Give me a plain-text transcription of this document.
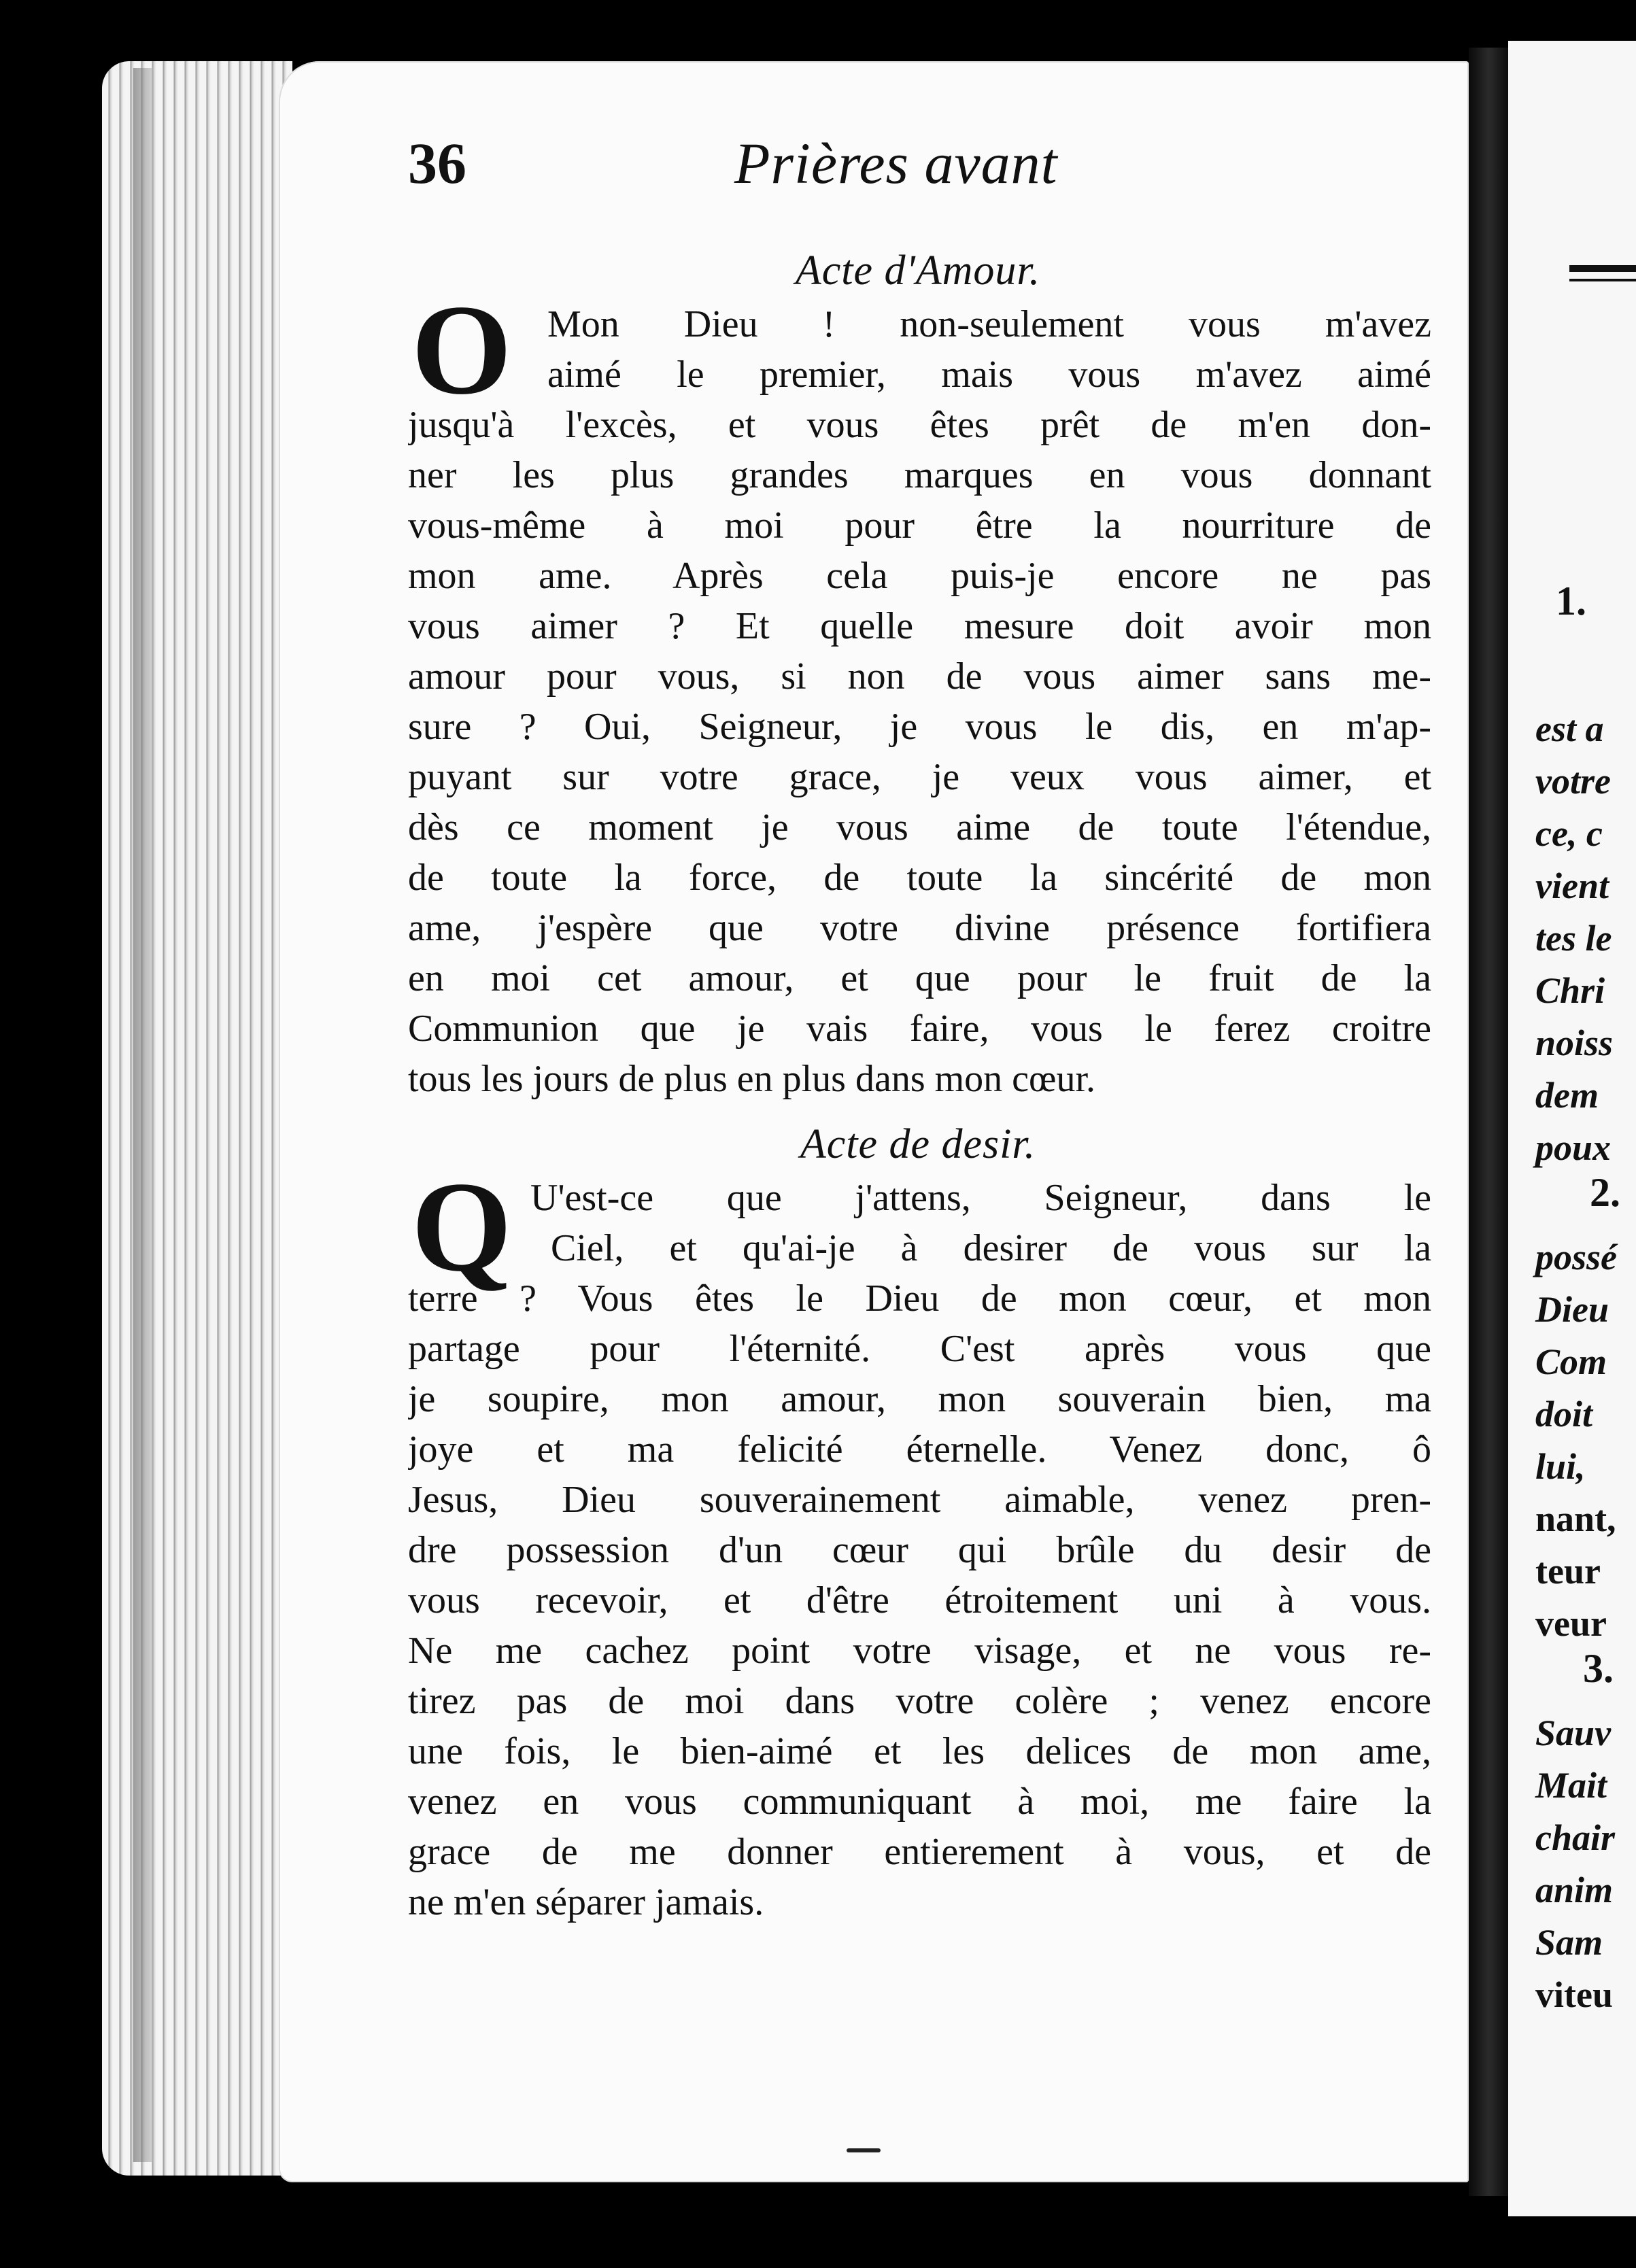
1.
est a
votre
ce, c
vient
tes le
Chri
noiss
dem
poux
2.
possé
Dieu
Com
doit
lui,
nant,
teur
veur
3.
Sauv
Mait
chair
anim
Sam
viteu
36	Prières avant
Acte d'Amour.
O Mon Dieu ! non-seulement vous m'avez
aimé le premier, mais vous m'avez aimé
jusqu'à l'excès, et vous êtes prêt de m'en don-
ner les plus grandes marques en vous donnant
vous-même à moi pour être la nourriture de
mon ame. Après cela puis-je encore ne pas
vous aimer ? Et quelle mesure doit avoir mon
amour pour vous, si non de vous aimer sans me-
sure ? Oui, Seigneur, je vous le dis, en m'ap-
puyant sur votre grace, je veux vous aimer, et
dès ce moment je vous aime de toute l'étendue,
de toute la force, de toute la sincérité de mon
ame, j'espère que votre divine présence fortifiera
en moi cet amour, et que pour le fruit de la
Communion que je vais faire, vous le ferez croitre
tous les jours de plus en plus dans mon cœur.
Acte de desir.
Q U'est-ce que j'attens, Seigneur, dans le
Ciel, et qu'ai-je à desirer de vous sur la
terre ? Vous êtes le Dieu de mon cœur, et mon
partage pour l'éternité. C'est après vous que
je soupire, mon amour, mon souverain bien, ma
joye et ma felicité éternelle. Venez donc, ô
Jesus, Dieu souverainement aimable, venez pren-
dre possession d'un cœur qui brûle du desir de
vous recevoir, et d'être étroitement uni à vous.
Ne me cachez point votre visage, et ne vous re-
tirez pas de moi dans votre colère ; venez encore
une fois, le bien-aimé et les delices de mon ame,
venez en vous communiquant à moi, me faire la
grace de me donner entierement à vous, et de
ne m'en séparer jamais.
